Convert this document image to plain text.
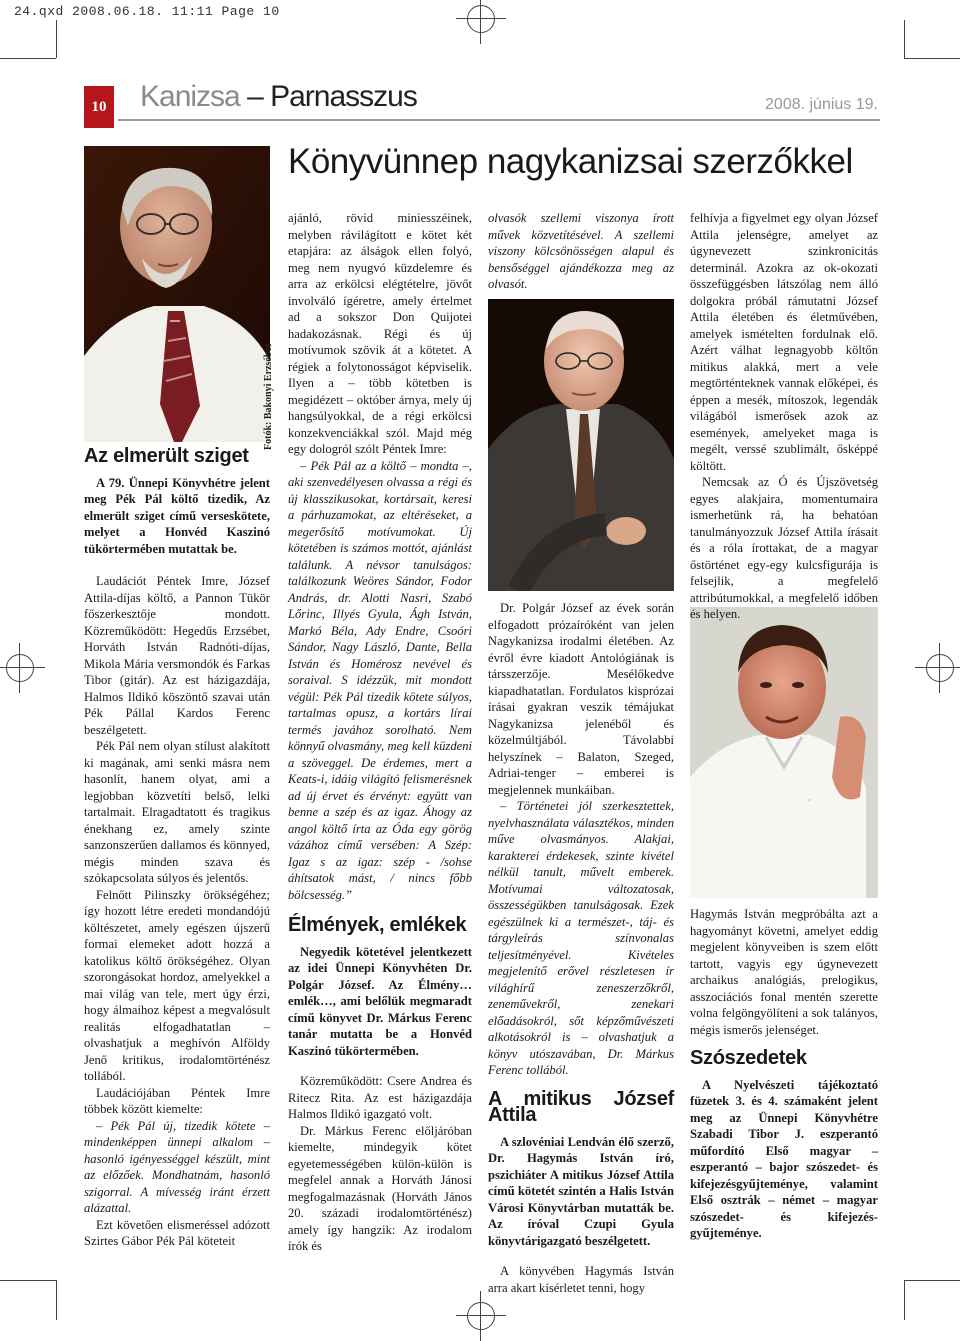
24.qxd 2008.06.18. 11:11 Page 10
10 Kanizsa – Parnasszus	2008. június 19.
Könyvünnep nagykanizsai szerzőkkel
Fotók: Bakonyi Erzsébet
·
Az elmerült sziget

A 79. Ünnepi Könyvhétre jelent meg Pék Pál költő tizedik, Az elmerült sziget című verseskötete, melyet a Honvéd Kaszinó tükörtermében mutattak be.

Laudációt Péntek Imre, József Attila-díjas költő, a Pannon Tükör főszerkesztője mondott. Közreműködött: Hegedűs Erzsébet, Horváth István Radnóti-díjas, Mikola Mária versmondók és Farkas Tibor (gitár). Az est házigazdája, Halmos Ildikó köszöntő szavai után Pék Pállal Kardos Ferenc beszélgetett.

Pék Pál nem olyan stílust alakított ki magának, ami senki másra nem hasonlít, hanem olyat, ami a legjobban közvetíti belső, lelki tartalmait. Elragadtatott és tragikus énekhang ez, amely szinte sanzonszerűen dallamos és könnyed, mégis minden szava és szókapcsolata súlyos és jelentős.

Felnőtt Pilinszky örökségéhez; így hozott létre eredeti mondandójú költészetet, amely egészen újszerű formai elemeket adott hozzá a katolikus költő örökségéhez. Olyan szorongásokat hordoz, amelyekkel a mai világ van tele, mert úgy érzi, hogy álmaihoz képest a megvalósult realitás elfogadhatatlan – olvashatjuk a meghívón Alföldy Jenő kritikus, irodalomtörténész tollából.

Laudációjában Péntek Imre többek között kiemelte:

– Pék Pál új, tizedik kötete – mindenképpen ünnepi alkalom – hasonló igényességgel készült, mint az előzőek. Mondhatnám, hasonló szigorral. A mívesség iránt érzett alázattal.

Ezt követően elismeréssel adózott Szirtes Gábor Pék Pál köteteit

ajánló, rövid miniesszéinek, melyben rávilágított e kötet két etapjára: az álságok ellen folyó, meg nem nyugvó küzdelemre és arra az erkölcsi elégtételre, jövőt involváló ígéretre, amely értelmet ad a sokszor Don Quijotei hadakozásnak. Régi és új motívumok szövik át a kötetet. A régiek a folytonosságot képviselik. Ilyen a – több kötetben is megidézett – október árnya, mely új hangsúlyokkal, de a régi erkölcsi konzekvenciákkal szól. Majd még egy dologról szólt Péntek Imre:

– Pék Pál az a költő – mondta –, aki szenvedélyesen olvassa a régi és új klasszikusokat, kortársait, keresi a párhuzamokat, az eltéréseket, a megerősítő motívumokat. Új kötetében is számos mottót, ajánlást találunk. A névsor tanulságos: találkozunk Weöres Sándor, Fodor András, dr. Alotti Nasri, Szabó Lőrinc, Illyés Gyula, Ágh István, Markó Béla, Ady Endre, Csoóri Sándor, Nagy László, Dante, Bella István és Homérosz nevével és soraival. S idézzük, mit mondott végül: Pék Pál tizedik kötete súlyos, tartalmas opusz, a kortárs lírai termés javához sorolható. Nem könnyű olvasmány, meg kell küzdeni a szöveggel. De érdemes, mert a Keats-i, idáig világító felismerésnek ad új érvet és érvényt: együtt van benne a szép és az igaz. Áhogy az angol költő írta az Óda egy görög vázához című versében: A Szép: Igaz s az igaz: szép - /sohse áhítsatok mást, / nincs főbb bölcsesség.”

Élmények, emlékek

Negyedik kötetével jelentkezett az idei Ünnepi Könyvhéten Dr. Polgár József. Az Élmény…emlék…, ami belőlük megmaradt című könyvet Dr. Márkus Ferenc tanár mutatta be a Honvéd Kaszinó tükörtermében.

Közreműködött: Csere Andrea és Ritecz Rita. Az est házigazdája Halmos Ildikó igazgató volt.

Dr. Márkus Ferenc előljáróban kiemelte, mindegyik kötet egyetemességében külön-külön is megfelel annak a Horváth Jánosi megfogalmazásnak (Horváth János 20. századi irodalomtörténész) amely így hangzik: Az irodalom írók és

olvasók szellemi viszonya írott művek közvetítésével. A szellemi viszony kölcsönösségen alapul és bensőséggel ajándékozza meg az olvasót.

Dr. Polgár József az évek során elfogadott prózaíróként van jelen Nagykanizsa irodalmi életében. Az évről évre kiadott Antológiának is társszerzője. Mesélőkedve kiapadhatatlan. Fordulatos kisprózai írásai gyakran veszik témájukat Nagykanizsa jelenéből és közelmúltjából. Távolabbi helyszínek – Balaton, Szeged, Adriai-tenger – emberei is megjelennek munkáiban.

– Történetei jól szerkesztettek, nyelvhasználata választékos, minden műve olvasmányos. Alakjai, karakterei érdekesek, szinte kivétel nélkül tanult, művelt emberek. Motívumai változatosak, összességükben tanulságosak. Ezek egészülnek ki a természet-, táj- és tárgyleírás színvonalas teljesítményével. Kivételes megjelenítő erővel részletesen ír világhírű zeneszerzőkről, zeneművekről, zenekari előadásokról, sőt képzőművészeti alkotásokról is – olvashatjuk a könyv utószavában, Dr. Márkus Ferenc tollából.

A mitikus József Attila

A szlovéniai Lendván élő szerző, Dr. Hagymás István író, pszichiáter A mitikus József Attila című kötetét szintén a Halis István Városi Könyvtárban mutatták be. Az íróval Czupi Gyula könyvtárigazgató beszélgetett.

A könyvében Hagymás István arra akart kísérletet tenni, hogy

felhívja a figyelmet egy olyan József Attila jelenségre, amelyet az úgynevezett szinkronicitás determinál. Azokra az ok-okozati összefüggésben látszólag nem álló dolgokra próbál rámutatni József Attila életében és életművében, amelyek ismételten fordulnak elő. Azért válhat legnagyobb költőn mitikus alakká, mert a vele megtörténteknek vannak előképei, és éppen a mesék, mítoszok, legendák világából ismerősek azok az események, amelyeket maga is megélt, verssé szublimált, ősképpé költött.

Nemcsak az Ó és Újszövetség egyes alakjaira, momentumaira ismerhetünk rá, ha behatóan tanulmányozzuk József Attila írásait és a róla írottakat, de a magyar őstörténet egy-egy kulcsfigurája is felsejlik, a megfelelő attribútumokkal, a megfelelő időben és helyen.

Hagymás István megpróbálta azt a hagyományt követni, amelyet eddig megjelent könyveiben is szem előtt tartott, vagyis egy úgynevezett archaikus analógiás, prelogikus, asszociációs fonal mentén szerette volna felgöngyölíteni a sok talányos, mégis ismerős jelenséget.

Szószedetek

A Nyelvészeti tájékoztató füzetek 3. és 4. számaként jelent meg az Ünnepi Könyvhétre Szabadi Tibor J. eszperantó műfordító Első magyar – eszperantó – bajor szószedet- és kifejezésgyűjteménye, valamint Első osztrák – német – magyar szószedet- és kifejezés-gyűjteménye.
